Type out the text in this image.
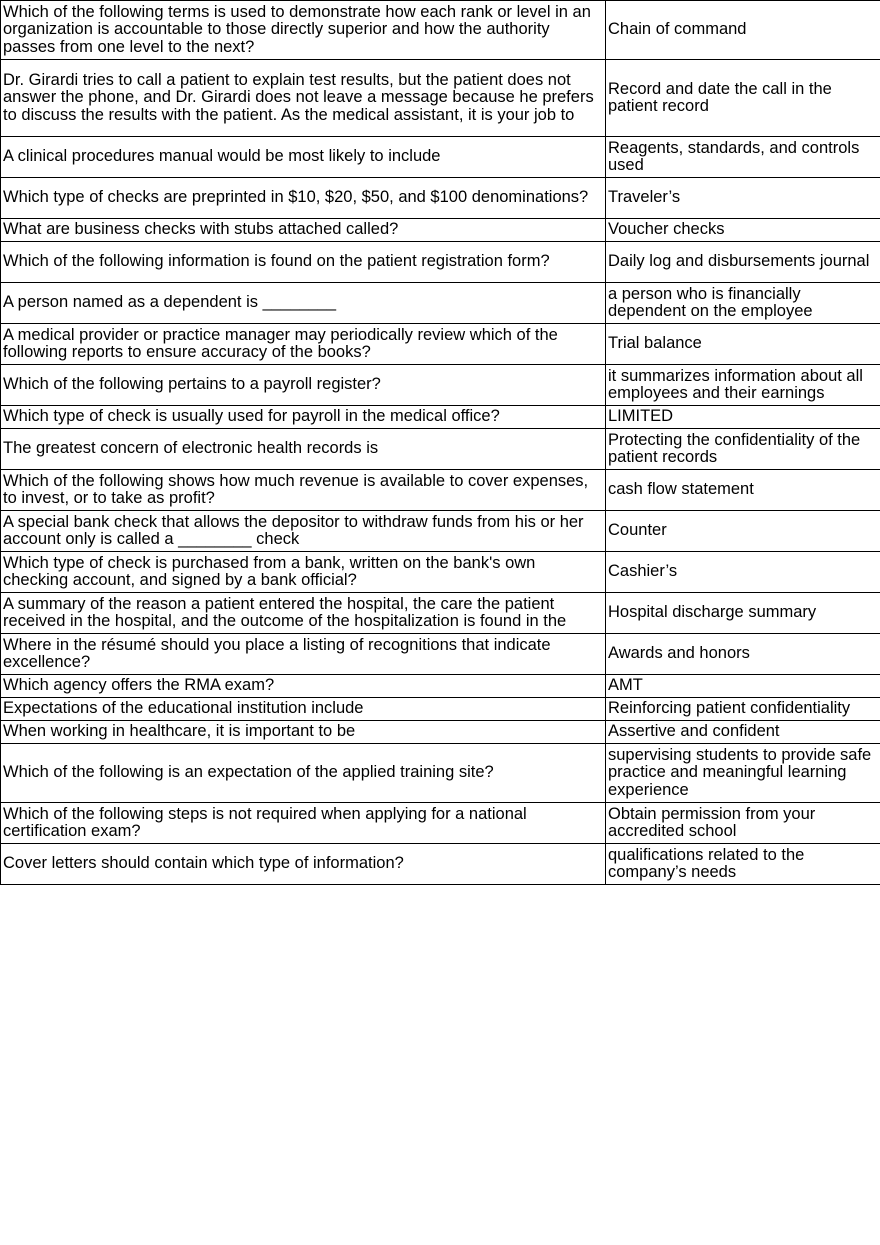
Which of the following terms is used to demonstrate how each rank or level in an organization is accountable to those directly superior and how the authority passes from one level to the next?	Chain of command
Dr. Girardi tries to call a patient to explain test results, but the patient does not answer the phone, and Dr. Girardi does not leave a message because he prefers to discuss the results with the patient. As the medical assistant, it is your job to	Record and date the call in the patient record
A clinical procedures manual would be most likely to include	Reagents, standards, and controls used
Which type of checks are preprinted in $10, $20, $50, and $100 denominations?	Traveler’s
What are business checks with stubs attached called?	Voucher checks
Which of the following information is found on the patient registration form?	Daily log and disbursements journal
A person named as a dependent is ________	a person who is financially dependent on the employee
A medical provider or practice manager may periodically review which of the following reports to ensure accuracy of the books?	Trial balance
Which of the following pertains to a payroll register?	it summarizes information about all employees and their earnings
Which type of check is usually used for payroll in the medical office?	LIMITED
The greatest concern of electronic health records is	Protecting the confidentiality of the patient records
Which of the following shows how much revenue is available to cover expenses, to invest, or to take as profit?	cash flow statement
A special bank check that allows the depositor to withdraw funds from his or her account only is called a ________ check	Counter
Which type of check is purchased from a bank, written on the bank's own checking account, and signed by a bank official?	Cashier’s
A summary of the reason a patient entered the hospital, the care the patient received in the hospital, and the outcome of the hospitalization is found in the	Hospital discharge summary
Where in the résumé should you place a listing of recognitions that indicate excellence?	Awards and honors
Which agency offers the RMA exam?	AMT
Expectations of the educational institution include	Reinforcing patient confidentiality
When working in healthcare, it is important to be	Assertive and confident
Which of the following is an expectation of the applied training site?	supervising students to provide safe practice and meaningful learning experience
Which of the following steps is not required when applying for a national certification exam?	Obtain permission from your accredited school
Cover letters should contain which type of information?	qualifications related to the company’s needs
